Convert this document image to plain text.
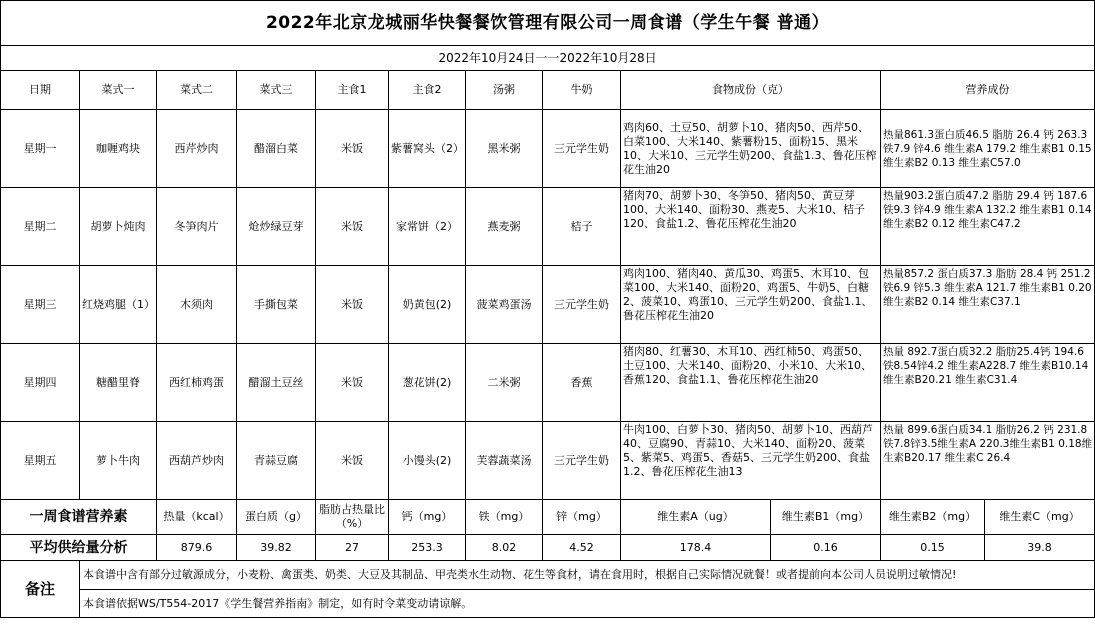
2022年北京龙城丽华快餐餐饮管理有限公司一周食谱（学生午餐 普通）											
2022年10月24日一一2022年10月28日											
日期	菜式一	菜式二	菜式三	主食1	主食2	汤粥	牛奶	食物成份（克）		营养成份	
星期一	咖喱鸡块	西芹炒肉	醋溜白菜	米饭	紫薯窝头（2）	黑米粥	三元学生奶	鸡肉60、土豆50、胡萝卜10、猪肉50、西芹50、白菜100、大米140、紫薯粉15、面粉15、黑米10、大米10、三元学生奶200、食盐1.3、鲁花压榨花生油20		热量861.3蛋白质46.5 脂肪 26.4 钙 263.3 铁7.9 锌4.6 维生素A 179.2 维生素B1 0.15 维生素B2 0.13 维生素C57.0	
星期二	胡萝卜炖肉	冬笋肉片	炝炒绿豆芽	米饭	家常饼（2）	燕麦粥	桔子	猪肉70、胡萝卜30、冬笋50、猪肉50、黄豆芽100、大米140、面粉30、燕麦5、大米10、桔子120、食盐1.2、鲁花压榨花生油20		热量903.2蛋白质47.2 脂肪 29.4 钙 187.6 铁9.3 锌4.9 维生素A 132.2 维生素B1 0.14 维生素B2 0.12 维生素C47.2	
星期三	红烧鸡腿（1）	木须肉	手撕包菜	米饭	奶黄包(2)	菠菜鸡蛋汤	三元学生奶	鸡肉100、猪肉40、黄瓜30、鸡蛋5、木耳10、包菜100、大米140、面粉20、鸡蛋5、牛奶5、白糖2、菠菜10、鸡蛋10、三元学生奶200、食盐1.1、鲁花压榨花生油20		热量857.2 蛋白质37.3 脂肪 28.4 钙 251.2 铁6.9 锌5.3 维生素A 121.7 维生素B1 0.20 维生素B2 0.14 维生素C37.1	
星期四	糖醋里脊	西红柿鸡蛋	醋溜土豆丝	米饭	葱花饼(2)	二米粥	香蕉	猪肉80、红薯30、木耳10、西红柿50、鸡蛋50、土豆100、大米140、面粉20、小米10、大米10、香蕉120、食盐1.1、鲁花压榨花生油20		热量 892.7蛋白质32.2 脂肪25.4钙 194.6铁8.54锌4.2 维生素A228.7 维生素B10.14 维生素B20.21 维生素C31.4	
星期五	萝卜牛肉	西葫芦炒肉	青蒜豆腐	米饭	小馒头(2)	芙蓉蔬菜汤	三元学生奶	牛肉100、白萝卜30、猪肉50、胡萝卜10、西葫芦40、豆腐90、青蒜10、大米140、面粉20、菠菜5、紫菜5、鸡蛋5、香菇5、三元学生奶200、食盐1.2、鲁花压榨花生油13		热量 899.6蛋白质34.1 脂肪26.2 钙 231.8铁7.8锌3.5维生素A 220.3维生素B1 0.18维生素B20.17 维生素C 26.4	
一周食谱营养素		热量（kcal）	蛋白质（g）	脂肪占热量比（%）	钙（mg）	铁（mg）	锌（mg）	维生素A（ug）	维生素B1（mg）	维生素B2（mg）	维生素C（mg）
平均供给量分析		879.6	39.82	27	253.3	8.02	4.52	178.4	0.16	0.15	39.8
备注	本食谱中含有部分过敏源成分，小麦粉、禽蛋类、奶类、大豆及其制品、甲壳类水生动物、花生等食材，请在食用时，根据自己实际情况就餐！或者提前向本公司人员说明过敏情况!										
	本食谱依据WS/T554-2017《学生餐营养指南》制定，如有时令菜变动请谅解。										
